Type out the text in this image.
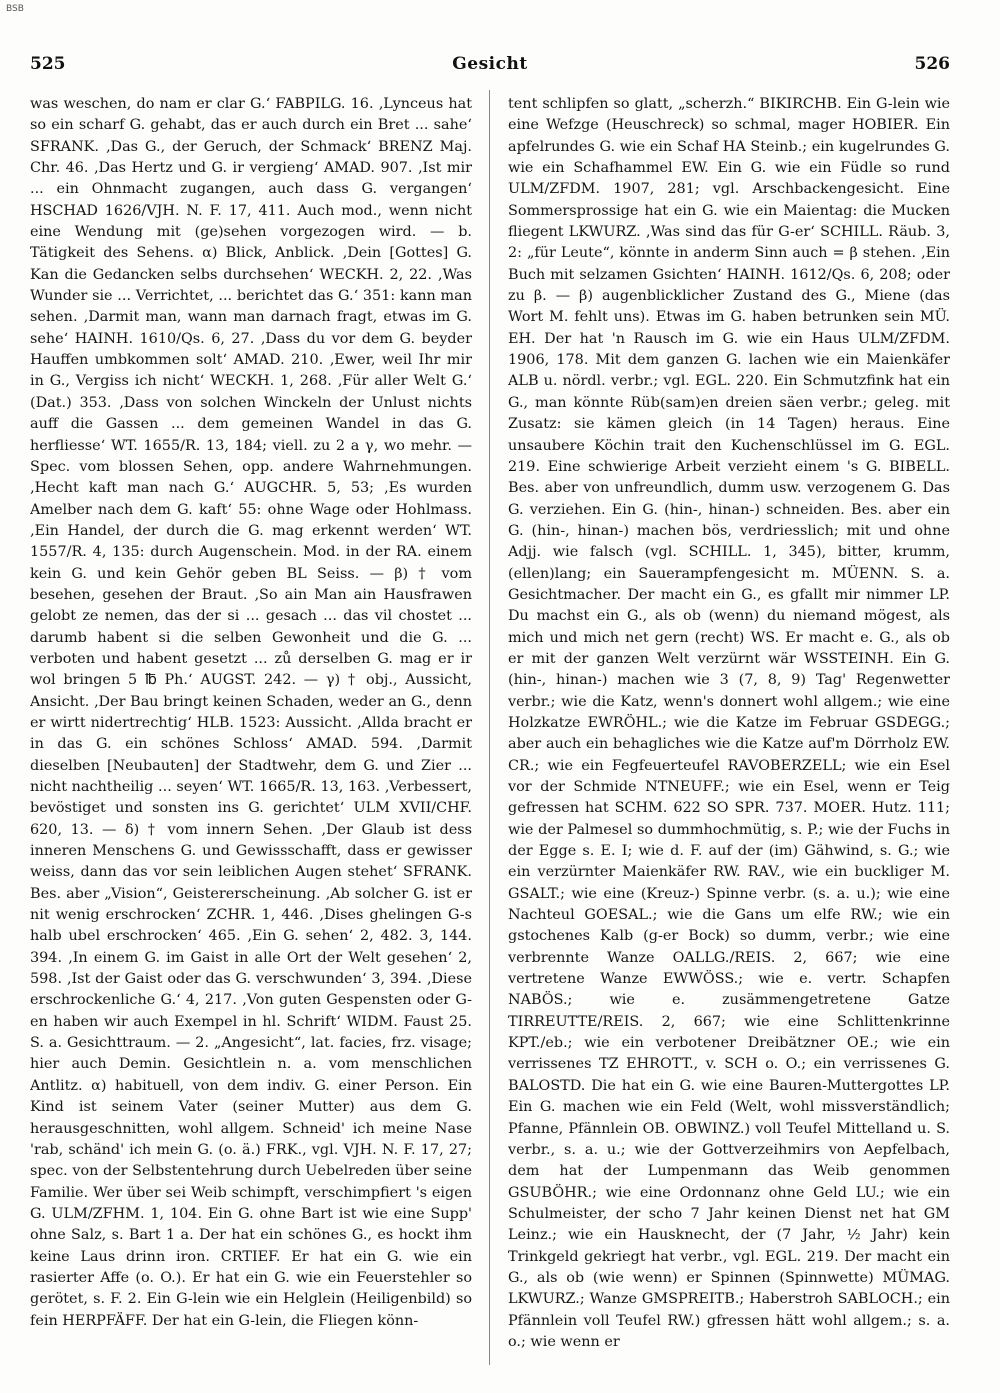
BSB
525	Gesicht	526

was weschen, do nam er clar G.‘ FABPILG. 16. ‚Lynceus hat so ein scharf G. gehabt, das er auch durch ein Bret ... sahe‘ SFRANK. ‚Das G., der Geruch, der Schmack‘ BRENZ Maj. Chr. 46. ‚Das Hertz und G. ir vergieng‘ AMAD. 907. ‚Ist mir ... ein Ohnmacht zugangen, auch dass G. vergangen‘ HSCHAD 1626/VJH. N. F. 17, 411. Auch mod., wenn nicht eine Wendung mit (ge)sehen vorgezogen wird. — b. Tätigkeit des Sehens. α) Blick, Anblick. ‚Dein [Gottes] G. Kan die Gedancken selbs durchsehen‘ WECKH. 2, 22. ‚Was Wunder sie ... Verrichtet, ... berichtet das G.‘ 351: kann man sehen. ‚Darmit man, wann man darnach fragt, etwas im G. sehe‘ HAINH. 1610/Qs. 6, 27. ‚Dass du vor dem G. beyder Hauffen umbkommen solt‘ AMAD. 210. ‚Ewer, weil Ihr mir in G., Vergiss ich nicht‘ WECKH. 1, 268. ‚Für aller Welt G.‘ (Dat.) 353. ‚Dass von solchen Winckeln der Unlust nichts auff die Gassen ... dem gemeinen Wandel in das G. herfliesse‘ WT. 1655/R. 13, 184; viell. zu 2 a γ, wo mehr. — Spec. vom blossen Sehen, opp. andere Wahrnehmungen. ‚Hecht kaft man nach G.‘ AUGCHR. 5, 53; ‚Es wurden Amelber nach dem G. kaft‘ 55: ohne Wage oder Hohlmass. ‚Ein Handel, der durch die G. mag erkennt werden‘ WT. 1557/R. 4, 135: durch Augenschein. Mod. in der RA. einem kein G. und kein Gehör geben BL Seiss. — β) † vom besehen, gesehen der Braut. ‚So ain Man ain Hausfrawen gelobt ze nemen, das der si ... gesach ... das vil chostet ... darumb habent si die selben Gewonheit und die G. ... verboten und habent gesetzt ... zů derselben G. mag er ir wol bringen 5 ℔ Ph.‘ AUGST. 242. — γ) † obj., Aussicht, Ansicht. ‚Der Bau bringt keinen Schaden, weder an G., denn er wirtt nidertrechtig‘ HLB. 1523: Aussicht. ‚Allda bracht er in das G. ein schönes Schloss‘ AMAD. 594. ‚Darmit dieselben [Neubauten] der Stadtwehr, dem G. und Zier ... nicht nachtheilig ... seyen‘ WT. 1665/R. 13, 163. ‚Verbessert, bevöstiget und sonsten ins G. gerichtet‘ ULM XVII/CHF. 620, 13. — δ) † vom innern Sehen. ‚Der Glaub ist dess inneren Menschens G. und Gewissschafft, dass er gewisser weiss, dann das vor sein leiblichen Augen stehet‘ SFRANK. Bes. aber „Vision“, Geistererscheinung. ‚Ab solcher G. ist er nit wenig erschrocken‘ ZCHR. 1, 446. ‚Dises ghelingen G-s halb ubel erschrocken‘ 465. ‚Ein G. sehen‘ 2, 482. 3, 144. 394. ‚In einem G. im Gaist in alle Ort der Welt gesehen‘ 2, 598. ‚Ist der Gaist oder das G. verschwunden‘ 3, 394. ‚Diese erschrockenliche G.‘ 4, 217. ‚Von guten Gespensten oder G-en haben wir auch Exempel in hl. Schrift‘ WIDM. Faust 25. S. a. Gesichttraum. — 2. „Angesicht“, lat. facies, frz. visage; hier auch Demin. Gesichtlein n. a. vom menschlichen Antlitz. α) habituell, von dem indiv. G. einer Person. Ein Kind ist seinem Vater (seiner Mutter) aus dem G. herausgeschnitten, wohl allgem. Schneid' ich meine Nase 'rab, schänd' ich mein G. (o. ä.) FRK., vgl. VJH. N. F. 17, 27; spec. von der Selbstentehrung durch Uebelreden über seine Familie. Wer über sei Weib schimpft, verschimpfiert 's eigen G. ULM/ZFHM. 1, 104. Ein G. ohne Bart ist wie eine Supp' ohne Salz, s. Bart 1 a. Der hat ein schönes G., es hockt ihm keine Laus drinn iron. CRTIEF. Er hat ein G. wie ein rasierter Affe (o. O.). Er hat ein G. wie ein Feuerstehler so gerötet, s. F. 2. Ein G-lein wie ein Helglein (Heiligenbild) so fein HERPFÄFF. Der hat ein G-lein, die Fliegen könn-

tent schlipfen so glatt, „scherzh.“ BIKIRCHB. Ein G-lein wie eine Wefzge (Heuschreck) so schmal, mager HOBIER. Ein apfelrundes G. wie ein Schaf HA Steinb.; ein kugelrundes G. wie ein Schafhammel EW. Ein G. wie ein Füdle so rund ULM/ZFDM. 1907, 281; vgl. Arschbackengesicht. Eine Sommersprossige hat ein G. wie ein Maientag: die Mucken fliegent LKWURZ. ‚Was sind das für G-er‘ SCHILL. Räub. 3, 2: „für Leute“, könnte in anderm Sinn auch = β stehen. ‚Ein Buch mit selzamen Gsichten‘ HAINH. 1612/Qs. 6, 208; oder zu β. — β) augenblicklicher Zustand des G., Miene (das Wort M. fehlt uns). Etwas im G. haben betrunken sein MÜ. EH. Der hat 'n Rausch im G. wie ein Haus ULM/ZFDM. 1906, 178. Mit dem ganzen G. lachen wie ein Maienkäfer ALB u. nördl. verbr.; vgl. EGL. 220. Ein Schmutzfink hat ein G., man könnte Rüb(sam)en dreien säen verbr.; geleg. mit Zusatz: sie kämen gleich (in 14 Tagen) heraus. Eine unsaubere Köchin trait den Kuchenschlüssel im G. EGL. 219. Eine schwierige Arbeit verzieht einem 's G. BIBELL. Bes. aber von unfreundlich, dumm usw. verzogenem G. Das G. verziehen. Ein G. (hin-, hinan-) schneiden. Bes. aber ein G. (hin-, hinan-) machen bös, verdriesslich; mit und ohne Adjj. wie falsch (vgl. SCHILL. 1, 345), bitter, krumm, (ellen)lang; ein Sauerampfengesicht m. MÜENN. S. a. Gesichtmacher. Der macht ein G., es gfallt mir nimmer LP. Du machst ein G., als ob (wenn) du niemand mögest, als mich und mich net gern (recht) WS. Er macht e. G., als ob er mit der ganzen Welt verzürnt wär WSSTEINH. Ein G. (hin-, hinan-) machen wie 3 (7, 8, 9) Tag' Regenwetter verbr.; wie die Katz, wenn's donnert wohl allgem.; wie eine Holzkatze EWRÖHL.; wie die Katze im Februar GSDEGG.; aber auch ein behagliches wie die Katze auf'm Dörrholz EW. CR.; wie ein Fegfeuerteufel RAVOBERZELL; wie ein Esel vor der Schmide NTNEUFF.; wie ein Esel, wenn er Teig gefressen hat SCHM. 622 SO SPR. 737. MOER. Hutz. 111; wie der Palmesel so dummhochmütig, s. P.; wie der Fuchs in der Egge s. E. I; wie d. F. auf der (im) Gähwind, s. G.; wie ein verzürnter Maienkäfer RW. RAV., wie ein buckliger M. GSALT.; wie eine (Kreuz-) Spinne verbr. (s. a. u.); wie eine Nachteul GOESAL.; wie die Gans um elfe RW.; wie ein gstochenes Kalb (g-er Bock) so dumm, verbr.; wie eine verbrennte Wanze OALLG./REIS. 2, 667; wie eine vertretene Wanze EWWÖSS.; wie e. vertr. Schapfen NABÖS.; wie e. zusämmengetretene Gatze TIRREUTTE/REIS. 2, 667; wie eine Schlittenkrinne KPT./eb.; wie ein verbotener Dreibätzner OE.; wie ein verrissenes TZ EHROTT., v. SCH o. O.; ein verrissenes G. BALOSTD. Die hat ein G. wie eine Bauren-Muttergottes LP. Ein G. machen wie ein Feld (Welt, wohl missverständlich; Pfanne, Pfännlein OB. OBWINZ.) voll Teufel Mittelland u. S. verbr., s. a. u.; wie der Gottverzeihmirs von Aepfelbach, dem hat der Lumpenmann das Weib genommen GSUBÖHR.; wie eine Ordonnanz ohne Geld LU.; wie ein Schulmeister, der scho 7 Jahr keinen Dienst net hat GM Leinz.; wie ein Hausknecht, der (7 Jahr, ½ Jahr) kein Trinkgeld gekriegt hat verbr., vgl. EGL. 219. Der macht ein G., als ob (wie wenn) er Spinnen (Spinnwette) MÜMAG. LKWURZ.; Wanze GMSPREITB.; Haberstroh SABLOCH.; ein Pfännlein voll Teufel RW.) gfressen hätt wohl allgem.; s. a. o.; wie wenn er
